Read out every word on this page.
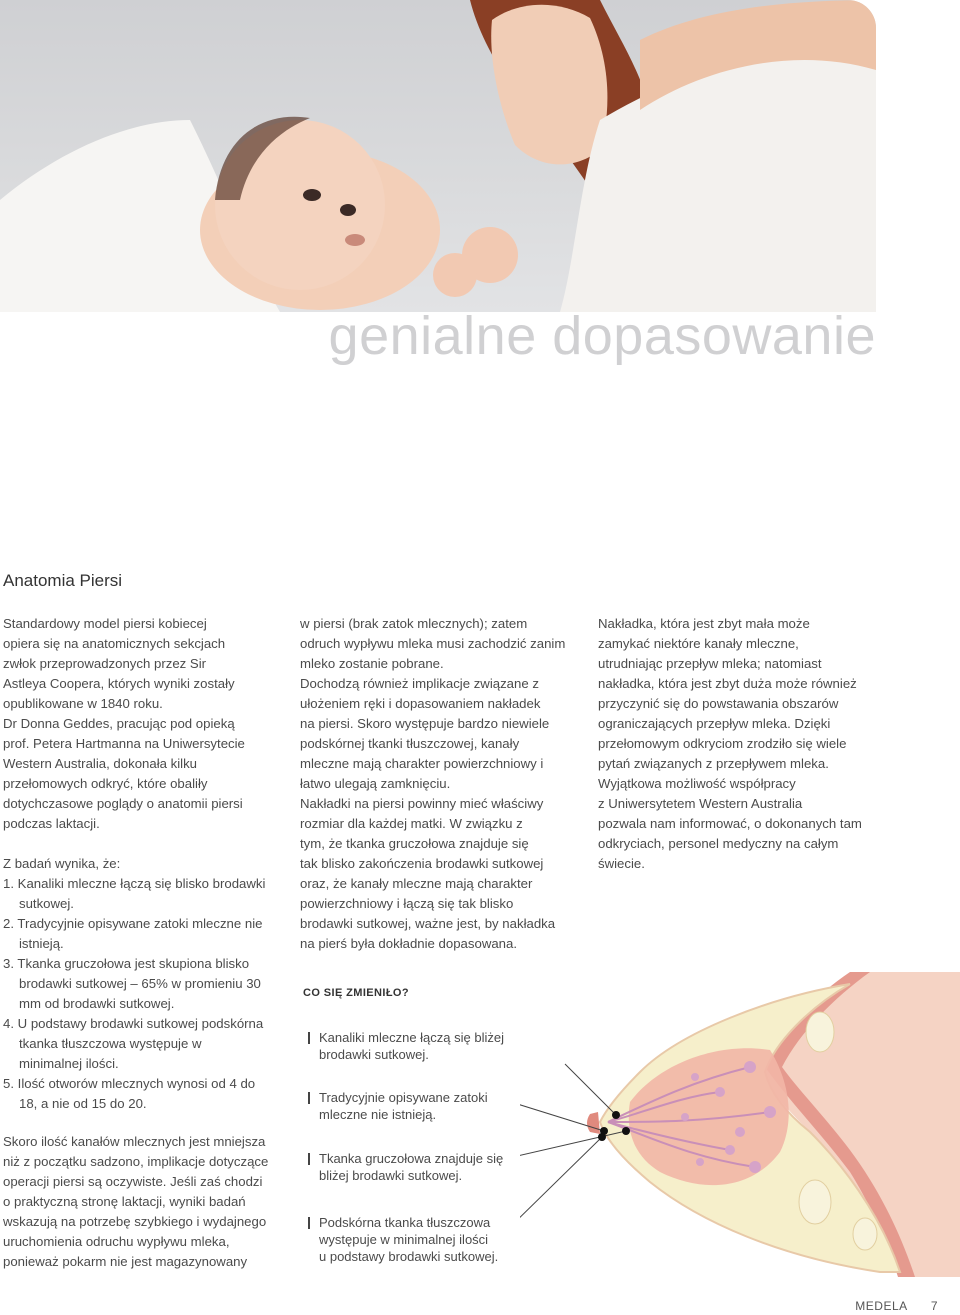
genialne dopasowanie
Anatomia Piersi

Standardowy model piersi kobiecej

opiera się na anatomicznych sekcjach

zwłok przeprowadzonych przez Sir

Astleya Coopera, których wyniki zostały

opublikowane w 1840 roku.

Dr Donna Geddes, pracując pod opieką

prof. Petera Hartmanna na Uniwersytecie

Western Australia, dokonała kilku

przełomowych odkryć, które obaliły

dotychczasowe poglądy o anatomii piersi

podczas laktacji.

Z badań wynika, że:

1. Kanaliki mleczne łączą się blisko brodawki sutkowej.
2. Tradycyjnie opisywane zatoki mleczne nie istnieją.
3. Tkanka gruczołowa jest skupiona blisko brodawki sutkowej – 65% w promieniu 30 mm od brodawki sutkowej.
4. U podstawy brodawki sutkowej podskórna tkanka tłuszczowa występuje w minimalnej ilości.
5. Ilość otworów mlecznych wynosi od 4 do 18, a nie od 15 do 20.

Skoro ilość kanałów mlecznych jest mniejsza

niż z początku sadzono, implikacje dotyczące

operacji piersi są oczywiste. Jeśli zaś chodzi

o praktyczną stronę laktacji, wyniki badań

wskazują na potrzebę szybkiego i wydajnego

uruchomienia odruchu wypływu mleka,

ponieważ pokarm nie jest magazynowany

w piersi (brak zatok mlecznych); zatem

odruch wypływu mleka musi zachodzić zanim

mleko zostanie pobrane.

Dochodzą również implikacje związane z

ułożeniem ręki i dopasowaniem nakładek

na piersi. Skoro występuje bardzo niewiele

podskórnej tkanki tłuszczowej, kanały

mleczne mają charakter powierzchniowy i

łatwo ulegają zamknięciu.

Nakładki na piersi powinny mieć właściwy

rozmiar dla każdej matki. W związku z

tym, że tkanka gruczołowa znajduje się

tak blisko zakończenia brodawki sutkowej

oraz, że kanały mleczne mają charakter

powierzchniowy i łączą się tak blisko

brodawki sutkowej, ważne jest, by nakładka

na pierś była dokładnie dopasowana.

Nakładka, która jest zbyt mała może

zamykać niektóre kanały mleczne,

utrudniając przepływ mleka; natomiast

nakładka, która jest zbyt duża może również

przyczynić się do powstawania obszarów

ograniczających przepływ mleka. Dzięki

przełomowym odkryciom zrodziło się wiele

pytań związanych z przepływem mleka.

Wyjątkowa możliwość współpracy

z Uniwersytetem Western Australia

pozwala nam informować, o dokonanych tam

odkryciach, personel medyczny na całym

świecie.

CO SIĘ ZMIENIŁO?
Kanaliki mleczne łączą się bliżej
brodawki sutkowej.
Tradycyjnie opisywane zatoki
mleczne nie istnieją.
Tkanka gruczołowa znajduje się
bliżej brodawki sutkowej.
Podskórna tkanka tłuszczowa
występuje w minimalnej ilości
u podstawy brodawki sutkowej.
MEDELA 7
